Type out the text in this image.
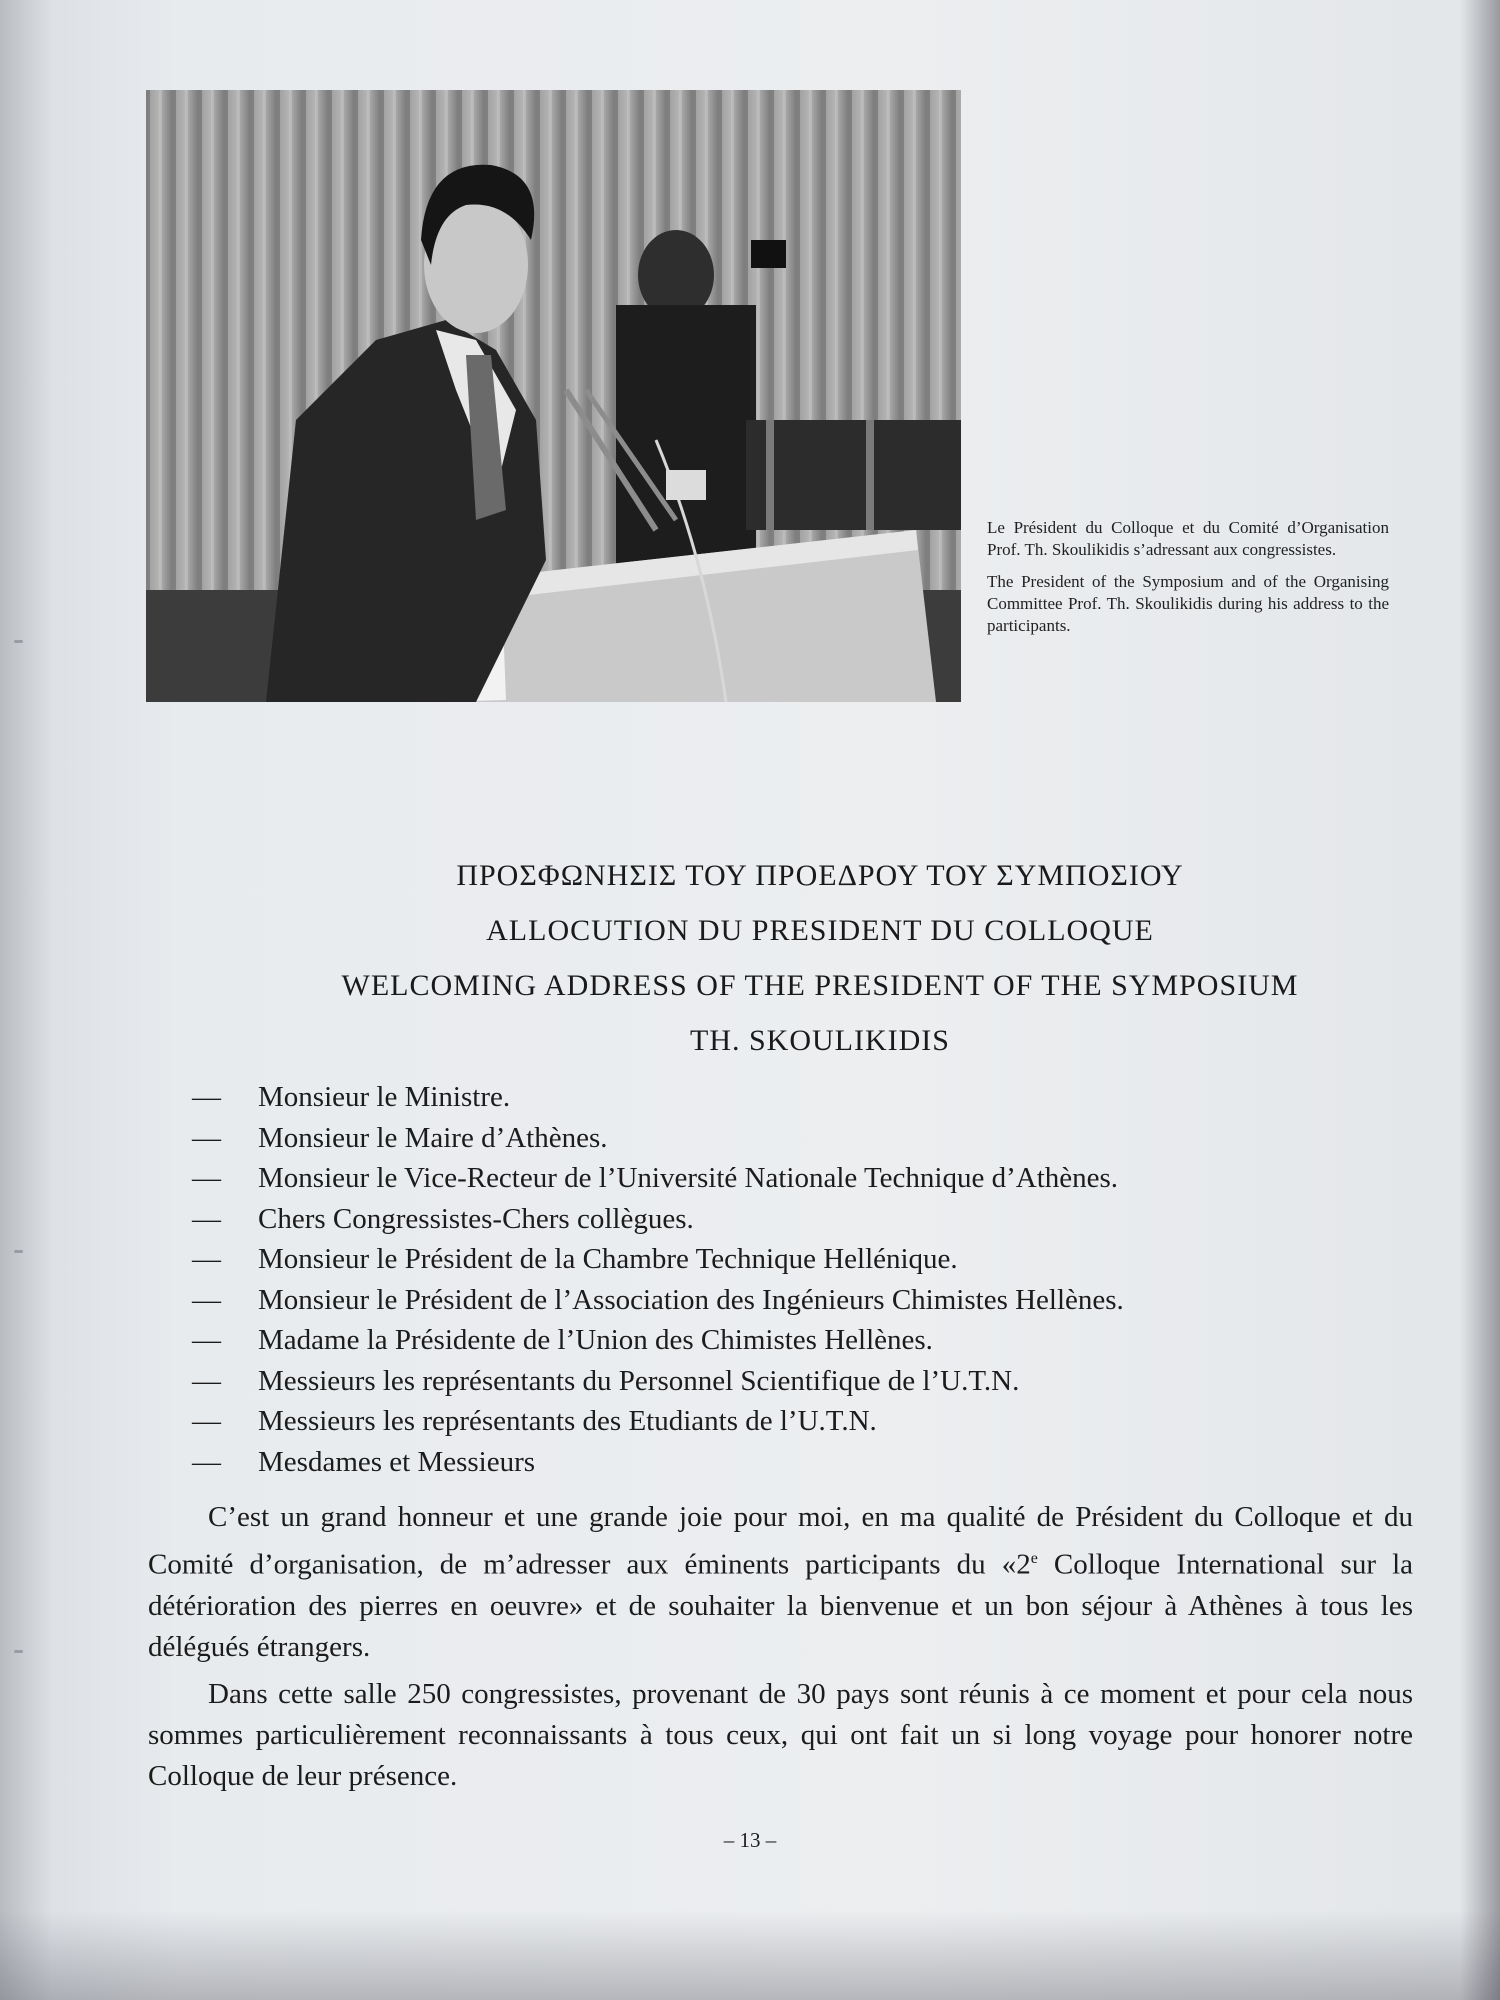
Le Président du Colloque et du Comité d’Organisation Prof. Th. Skoulikidis s’adressant aux congressistes.

The President of the Symposium and of the Organising Committee Prof. Th. Skoulikidis during his address to the participants.

ΠΡΟΣΦΩΝΗΣΙΣ ΤΟΥ ΠΡΟΕΔΡΟΥ ΤΟΥ ΣΥΜΠΟΣΙΟΥ
ALLOCUTION DU PRESIDENT DU COLLOQUE
WELCOMING ADDRESS OF THE PRESIDENT OF THE SYMPOSIUM
TH. SKOULIKIDIS
—	Monsieur le Ministre.
—	Monsieur le Maire d’Athènes.
—	Monsieur le Vice-Recteur de l’Université Nationale Technique d’Athènes.
—	Chers Congressistes-Chers collègues.
—	Monsieur le Président de la Chambre Technique Hellénique.
—	Monsieur le Président de l’Association des Ingénieurs Chimistes Hellènes.
—	Madame la Présidente de l’Union des Chimistes Hellènes.
—	Messieurs les représentants du Personnel Scientifique de l’U.T.N.
—	Messieurs les représentants des Etudiants de l’U.T.N.
—	Mesdames et Messieurs

C’est un grand honneur et une grande joie pour moi, en ma qualité de Président du Colloque et du Comité d’organisation, de m’adresser aux éminents participants du «2e Colloque International sur la détérioration des pierres en oeuvre» et de souhaiter la bienvenue et un bon séjour à Athènes à tous les délégués étrangers.

Dans cette salle 250 congressistes, provenant de 30 pays sont réunis à ce moment et pour cela nous sommes particulièrement reconnaissants à tous ceux, qui ont fait un si long voyage pour honorer notre Colloque de leur présence.

– 13 –
